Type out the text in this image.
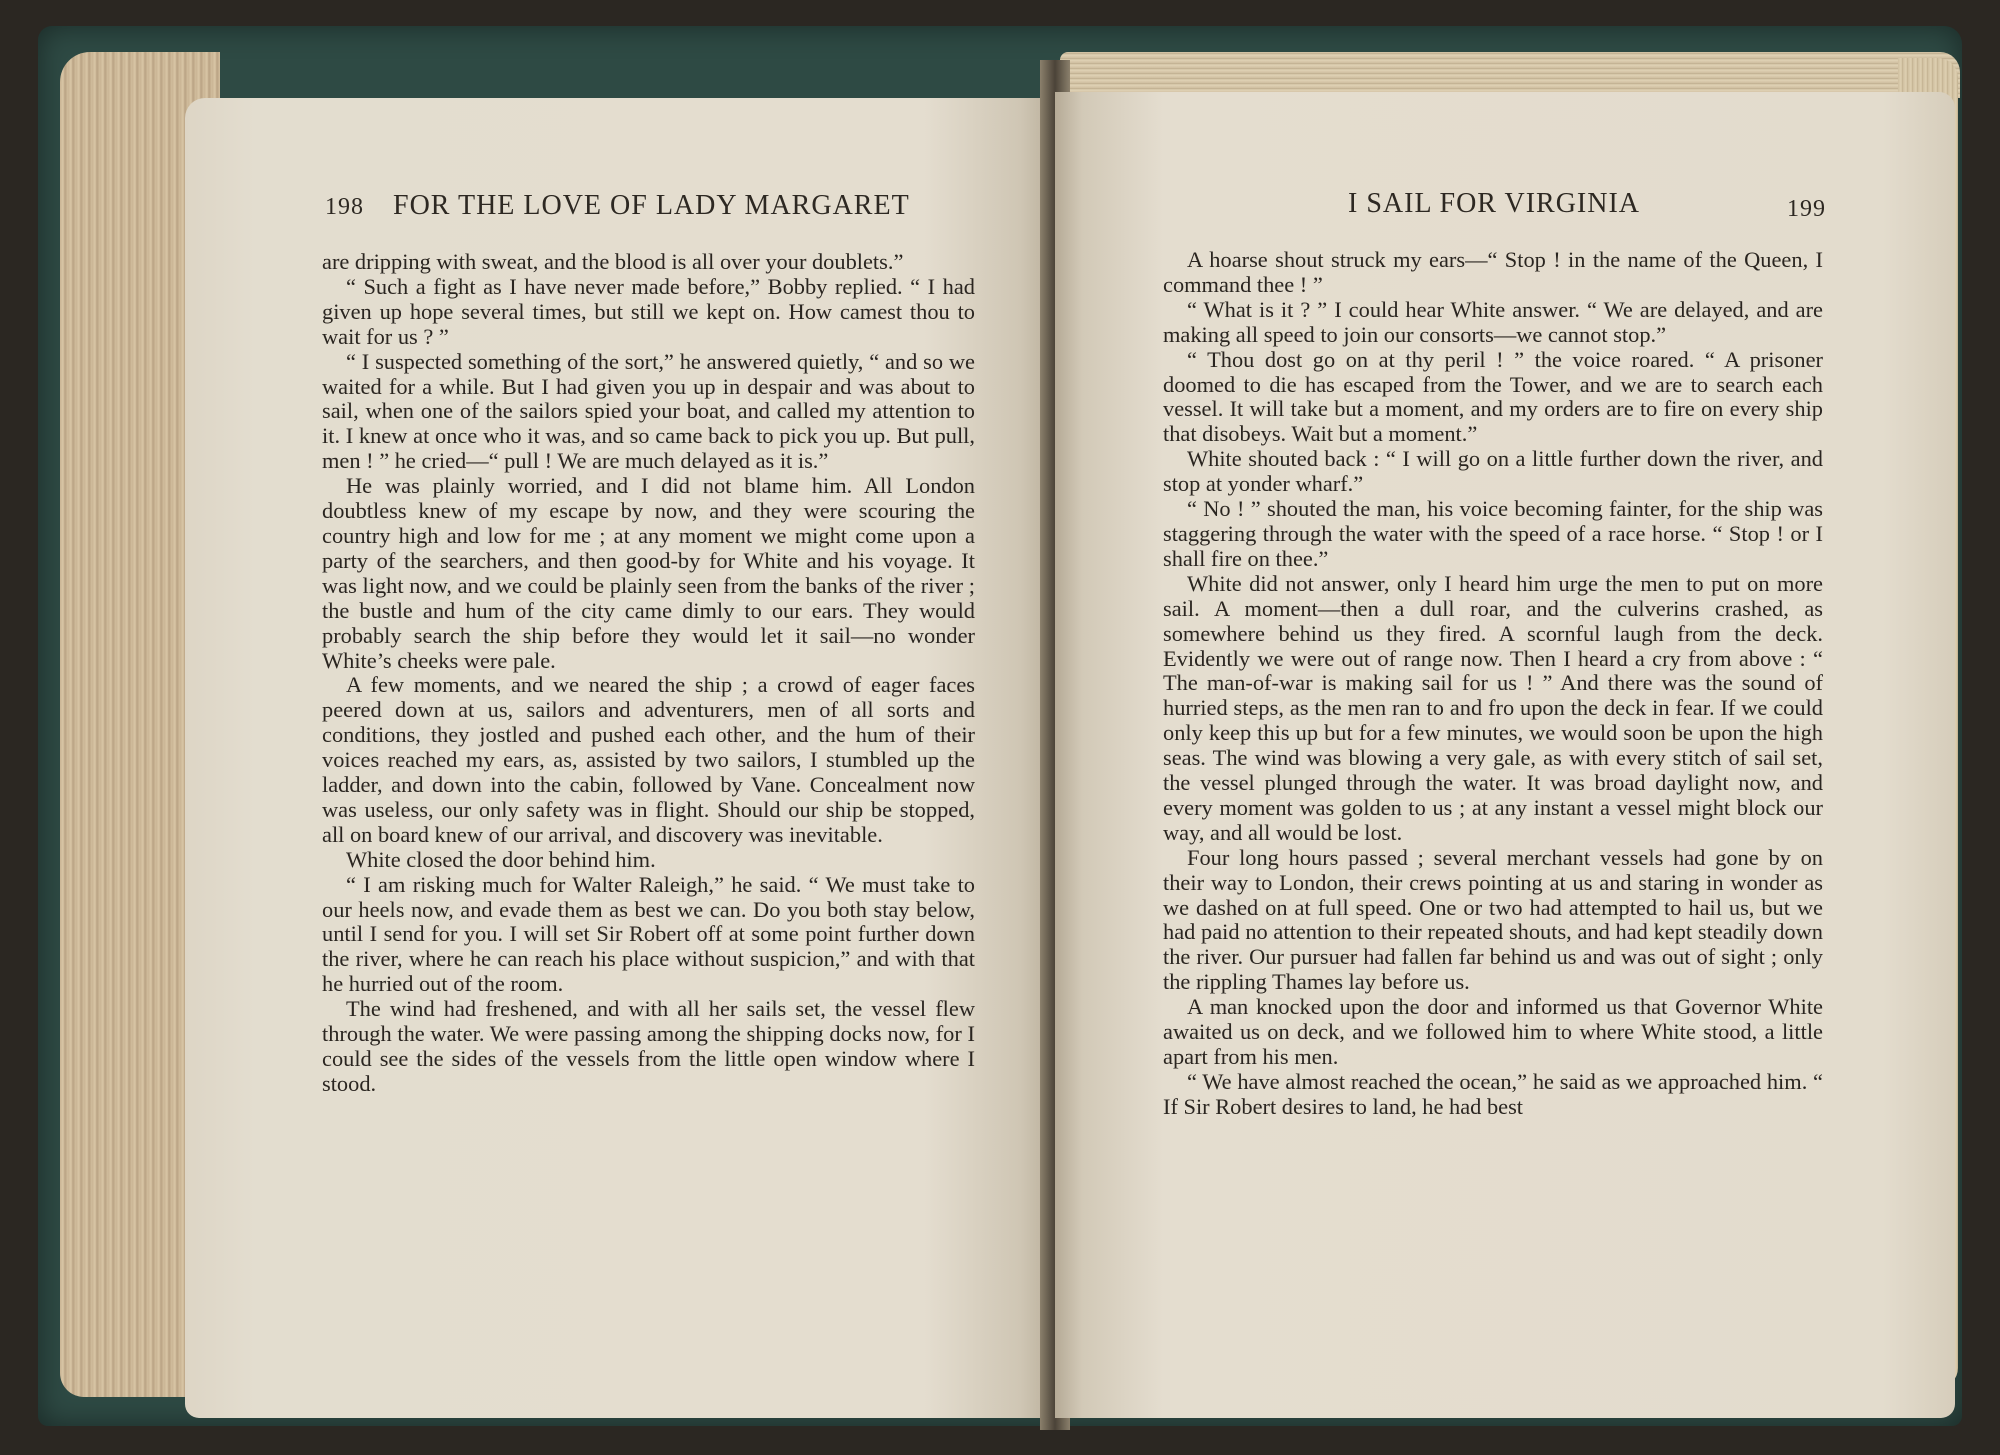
198 FOR THE LOVE OF LADY MARGARET

are dripping with sweat, and the blood is all over your doublets.”

“ Such a fight as I have never made before,” Bobby replied. “ I had given up hope several times, but still we kept on. How camest thou to wait for us ? ”

“ I suspected something of the sort,” he answered quietly, “ and so we waited for a while. But I had given you up in despair and was about to sail, when one of the sailors spied your boat, and called my attention to it. I knew at once who it was, and so came back to pick you up. But pull, men ! ” he cried—“ pull ! We are much delayed as it is.”

He was plainly worried, and I did not blame him. All London doubtless knew of my escape by now, and they were scouring the country high and low for me ; at any moment we might come upon a party of the searchers, and then good-by for White and his voyage. It was light now, and we could be plainly seen from the banks of the river ; the bustle and hum of the city came dimly to our ears. They would probably search the ship before they would let it sail—no wonder White’s cheeks were pale.

A few moments, and we neared the ship ; a crowd of eager faces peered down at us, sailors and adventurers, men of all sorts and conditions, they jostled and pushed each other, and the hum of their voices reached my ears, as, assisted by two sailors, I stumbled up the ladder, and down into the cabin, followed by Vane. Concealment now was useless, our only safety was in flight. Should our ship be stopped, all on board knew of our arrival, and discovery was inevitable.

White closed the door behind him.

“ I am risking much for Walter Raleigh,” he said. “ We must take to our heels now, and evade them as best we can. Do you both stay below, until I send for you. I will set Sir Robert off at some point further down the river, where he can reach his place without suspicion,” and with that he hurried out of the room.

The wind had freshened, and with all her sails set, the vessel flew through the water. We were passing among the shipping docks now, for I could see the sides of the vessels from the little open window where I stood.

I SAIL FOR VIRGINIA	199

A hoarse shout struck my ears—“ Stop ! in the name of the Queen, I command thee ! ”

“ What is it ? ” I could hear White answer. “ We are delayed, and are making all speed to join our consorts—we cannot stop.”

“ Thou dost go on at thy peril ! ” the voice roared. “ A prisoner doomed to die has escaped from the Tower, and we are to search each vessel. It will take but a moment, and my orders are to fire on every ship that disobeys. Wait but a moment.”

White shouted back : “ I will go on a little further down the river, and stop at yonder wharf.”

“ No ! ” shouted the man, his voice becoming fainter, for the ship was staggering through the water with the speed of a race horse. “ Stop ! or I shall fire on thee.”

White did not answer, only I heard him urge the men to put on more sail. A moment—then a dull roar, and the culverins crashed, as somewhere behind us they fired. A scornful laugh from the deck. Evidently we were out of range now. Then I heard a cry from above : “ The man-of-war is making sail for us ! ” And there was the sound of hurried steps, as the men ran to and fro upon the deck in fear. If we could only keep this up but for a few minutes, we would soon be upon the high seas. The wind was blowing a very gale, as with every stitch of sail set, the vessel plunged through the water. It was broad daylight now, and every moment was golden to us ; at any instant a vessel might block our way, and all would be lost.

Four long hours passed ; several merchant vessels had gone by on their way to London, their crews pointing at us and staring in wonder as we dashed on at full speed. One or two had attempted to hail us, but we had paid no attention to their repeated shouts, and had kept steadily down the river. Our pursuer had fallen far behind us and was out of sight ; only the rippling Thames lay before us.

A man knocked upon the door and informed us that Governor White awaited us on deck, and we followed him to where White stood, a little apart from his men.

“ We have almost reached the ocean,” he said as we approached him. “ If Sir Robert desires to land, he had best
